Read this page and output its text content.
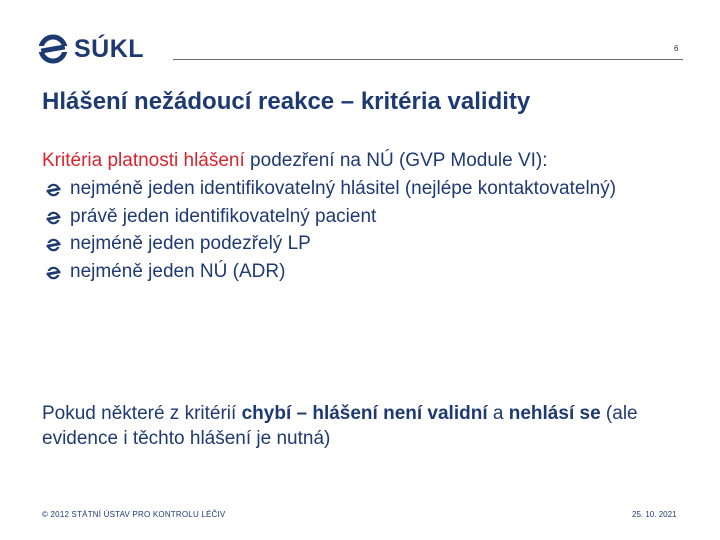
SÚKL	6
Hlášení nežádoucí reakce – kritéria validity

Kritéria platnosti hlášení podezření na NÚ (GVP Module VI):

nejméně jeden identifikovatelný hlásitel (nejlépe kontaktovatelný)
právě jeden identifikovatelný pacient
nejméně jeden podezřelý LP
nejméně jeden NÚ (ADR)

Pokud některé z kritérií chybí – hlášení není validní a nehlásí se (ale evidence i těchto hlášení je nutná)

© 2012 STÁTNÍ ÚSTAV PRO KONTROLU LÉČIV	25. 10. 2021
